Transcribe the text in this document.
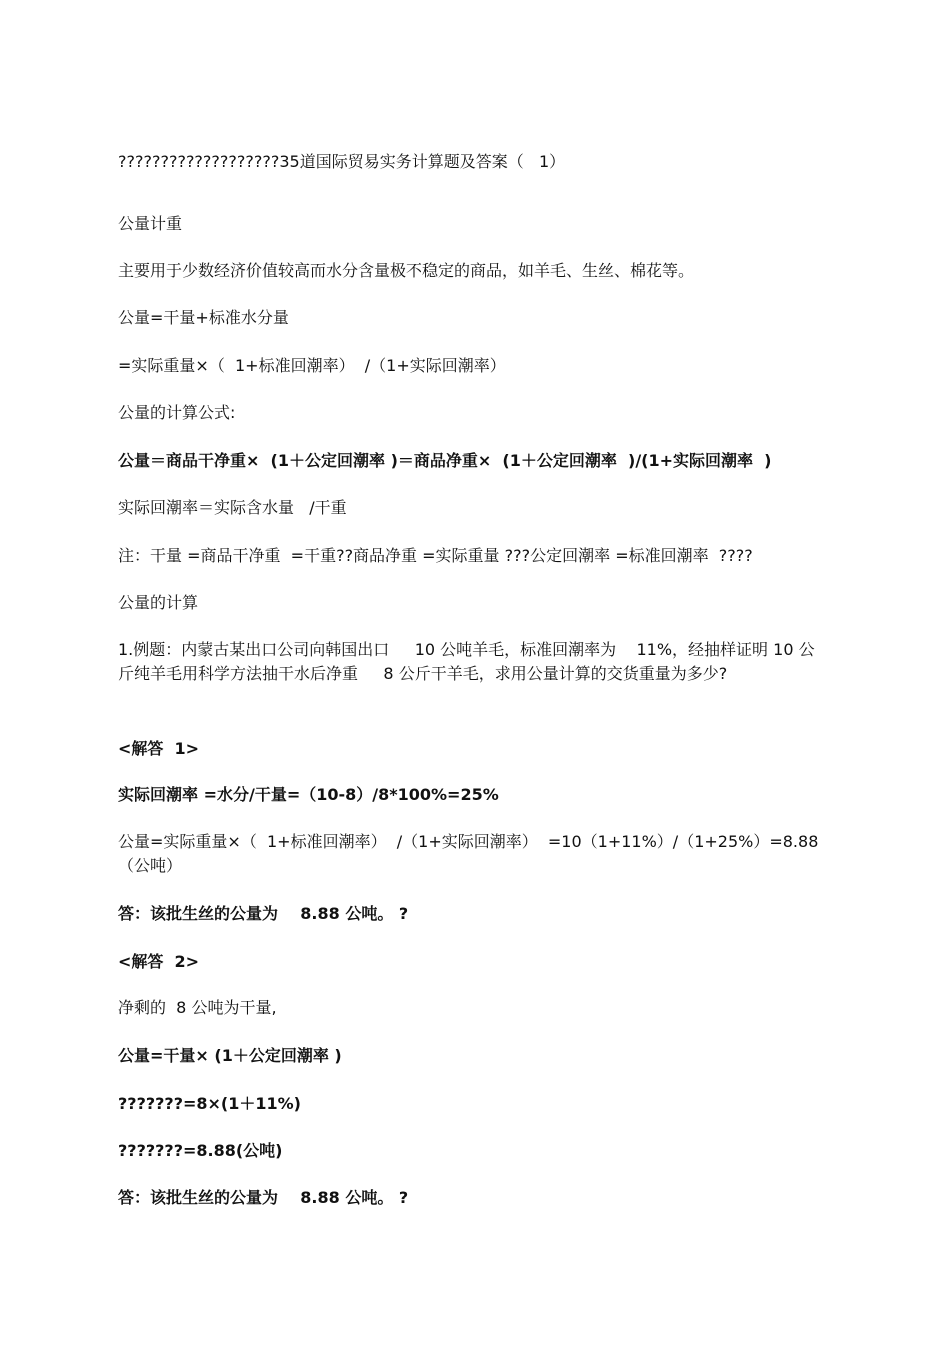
???????????????????35道国际贸易实务计算题及答案（   1）

公量计重

主要用于少数经济价值较高而水分含量极不稳定的商品，如羊毛、生丝、棉花等。

公量=干量+标准水分量

=实际重量×（  1+标准回潮率）  /（1+实际回潮率）

公量的计算公式:

公量＝商品干净重×  (1＋公定回潮率 )＝商品净重×  (1＋公定回潮率  )/(1+实际回潮率  )

实际回潮率＝实际含水量   /干重

注：干量 =商品干净重  =干重??商品净重 =实际重量 ???公定回潮率 =标准回潮率  ????

公量的计算

1.例题：内蒙古某出口公司向韩国出口     10 公吨羊毛，标准回潮率为    11%，经抽样证明 10 公斤纯羊毛用科学方法抽干水后净重     8 公斤干羊毛，求用公量计算的交货重量为多少?

<解答  1>

实际回潮率 =水分/干量=（10-8）/8*100%=25%

公量=实际重量×（  1+标准回潮率）  /（1+实际回潮率）  =10（1+11%）/（1+25%）=8.88（公吨）

答：该批生丝的公量为    8.88 公吨。 ?

<解答  2>

净剩的  8 公吨为干量,

公量=干量× (1＋公定回潮率 )

???????=8×(1＋11%)

???????=8.88(公吨)

答：该批生丝的公量为    8.88 公吨。 ?
